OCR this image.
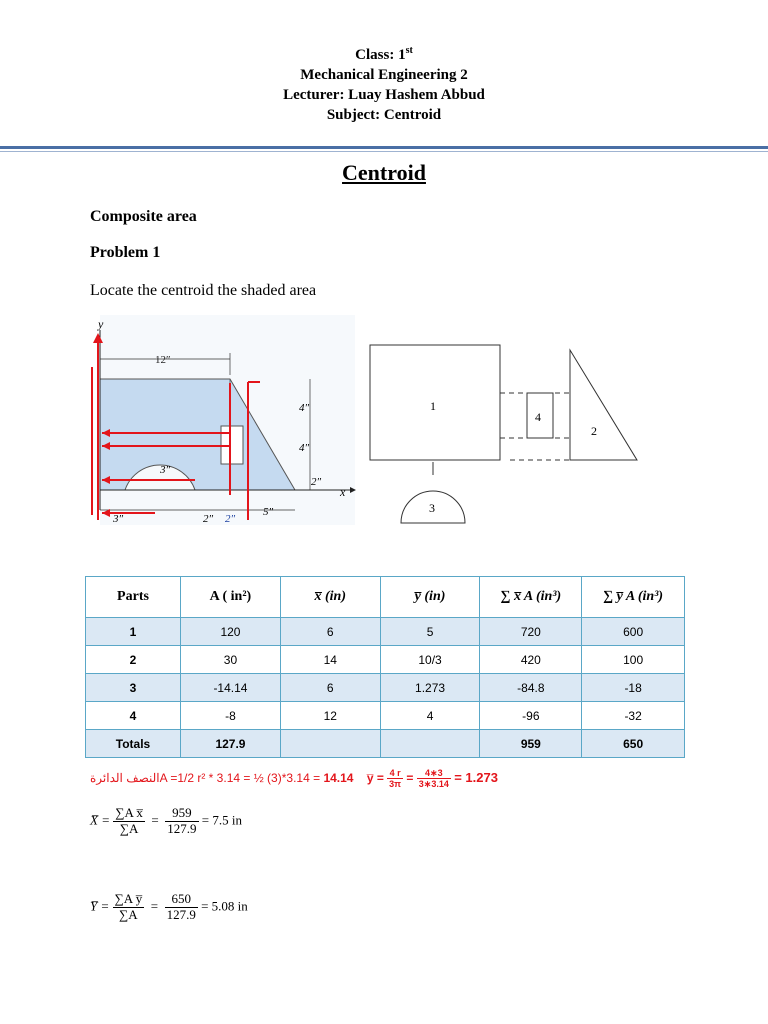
Class: 1st
Mechanical Engineering 2
Lecturer: Luay Hashem Abbud
Subject: Centroid
Centroid
Composite area
Problem 1
Locate the centroid the shaded area
x
y
12″
4″
4″
2″
3″
3″	2″ 2″
5″
1
4
2
3
Parts	A ( in²)	x̅ (in)	y̅ (in)	∑ x̅ A (in³)	∑ y̅ A (in³)
1	120	6	5	720	600
2	30	14	10/3	420	100
3	-14.14	6	1.273	-84.8	-18
4	-8	12	4	-96	-32
Totals	127.9			959	650
النصف الدائرةA =1/2 r² * 3.14 = ½ (3)*3.14 = 14.14 y̅ = $\frac{4 r}{3\pi} = \frac{4∗3}{3∗3.14} = 1.273$
X̅ = $\frac{\text{∑A x̅}}{\sum A} = \frac{959}{127.9} = 7.5$ in
Y̅ = $\frac{\text{∑A y̅}}{\sum A} = \frac{650}{127.9} = 5.08$ in
